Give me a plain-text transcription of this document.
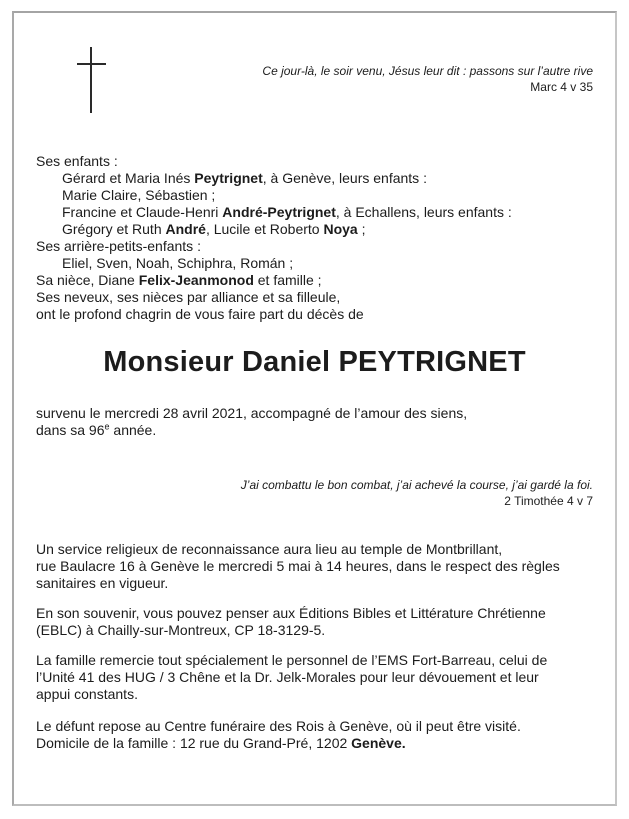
Ce jour-là, le soir venu, Jésus leur dit : passons sur l’autre rive
Marc 4 v 35
Ses enfants :
Gérard et Maria Inés Peytrignet, à Genève, leurs enfants :
Marie Claire, Sébastien ;
Francine et Claude-Henri André-Peytrignet, à Echallens, leurs enfants :
Grégory et Ruth André, Lucile et Roberto Noya ;
Ses arrière-petits-enfants :
Eliel, Sven, Noah, Schiphra, Román ;
Sa nièce, Diane Felix-Jeanmonod et famille ;
Ses neveux, ses nièces par alliance et sa filleule,
ont le profond chagrin de vous faire part du décès de
Monsieur Daniel PEYTRIGNET
survenu le mercredi 28 avril 2021, accompagné de l’amour des siens,
dans sa 96e année.
J’ai combattu le bon combat, j’ai achevé la course, j’ai gardé la foi.
2 Timothée 4 v 7
Un service religieux de reconnaissance aura lieu au temple de Montbrillant,
rue Baulacre 16 à Genève le mercredi 5 mai à 14 heures, dans le respect des règles
sanitaires en vigueur.
En son souvenir, vous pouvez penser aux Éditions Bibles et Littérature Chrétienne
(EBLC) à Chailly-sur-Montreux, CP 18-3129-5.
La famille remercie tout spécialement le personnel de l’EMS Fort-Barreau, celui de
l’Unité 41 des HUG / 3 Chêne et la Dr. Jelk-Morales pour leur dévouement et leur
appui constants.
Le défunt repose au Centre funéraire des Rois à Genève, où il peut être visité.
Domicile de la famille : 12 rue du Grand-Pré, 1202 Genève.
